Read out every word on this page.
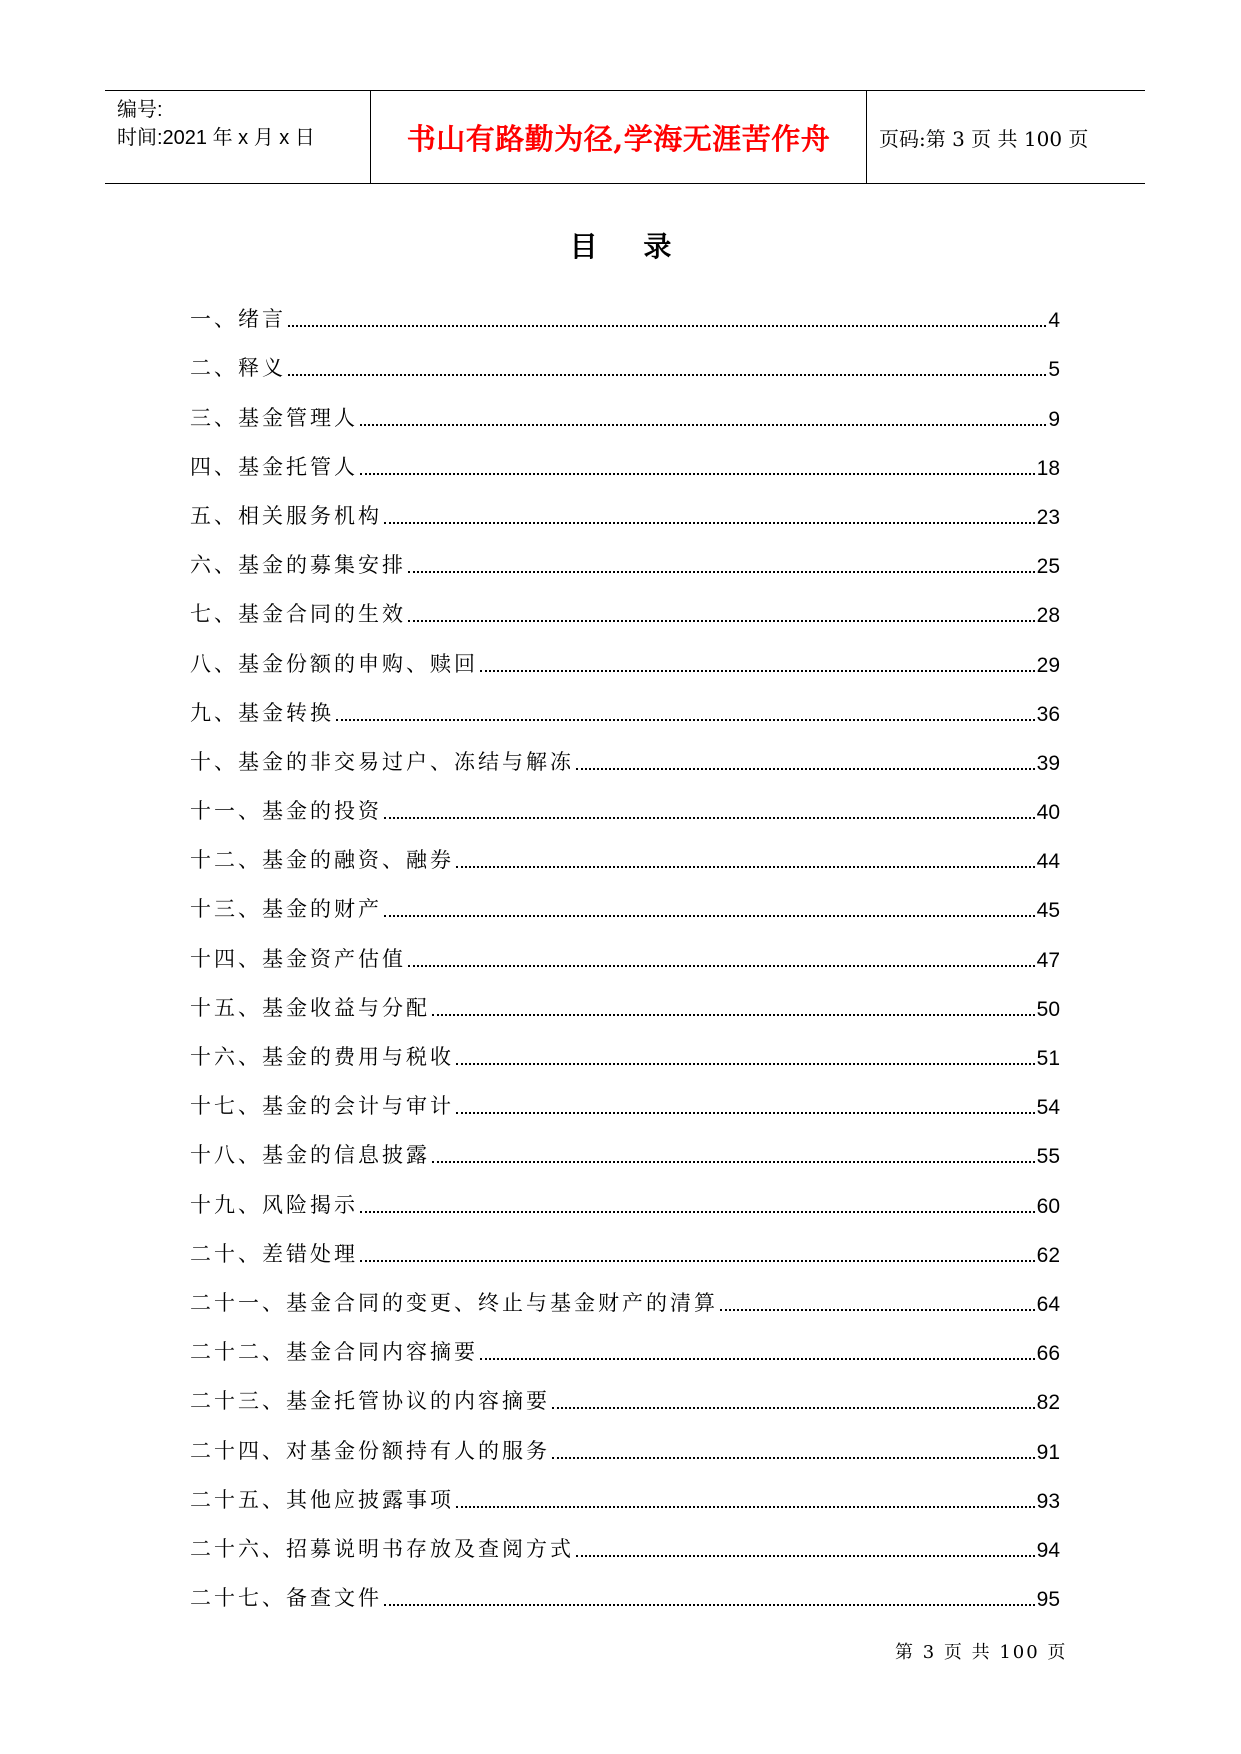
编号:
时间:2021 年 x 月 x 日	书山有路勤为径,学海无涯苦作舟	页码:第 3 页 共 100 页
目 录
一、绪言	4
二、释义	5
三、基金管理人	9
四、基金托管人	18
五、相关服务机构	23
六、基金的募集安排	25
七、基金合同的生效	28
八、基金份额的申购、赎回	29
九、基金转换	36
十、基金的非交易过户、冻结与解冻	39
十一、基金的投资	40
十二、基金的融资、融券	44
十三、基金的财产	45
十四、基金资产估值	47
十五、基金收益与分配	50
十六、基金的费用与税收	51
十七、基金的会计与审计	54
十八、基金的信息披露	55
十九、风险揭示	60
二十、差错处理	62
二十一、基金合同的变更、终止与基金财产的清算	64
二十二、基金合同内容摘要	66
二十三、基金托管协议的内容摘要	82
二十四、对基金份额持有人的服务	91
二十五、其他应披露事项	93
二十六、招募说明书存放及查阅方式	94
二十七、备查文件	95
第 3 页 共 100 页
